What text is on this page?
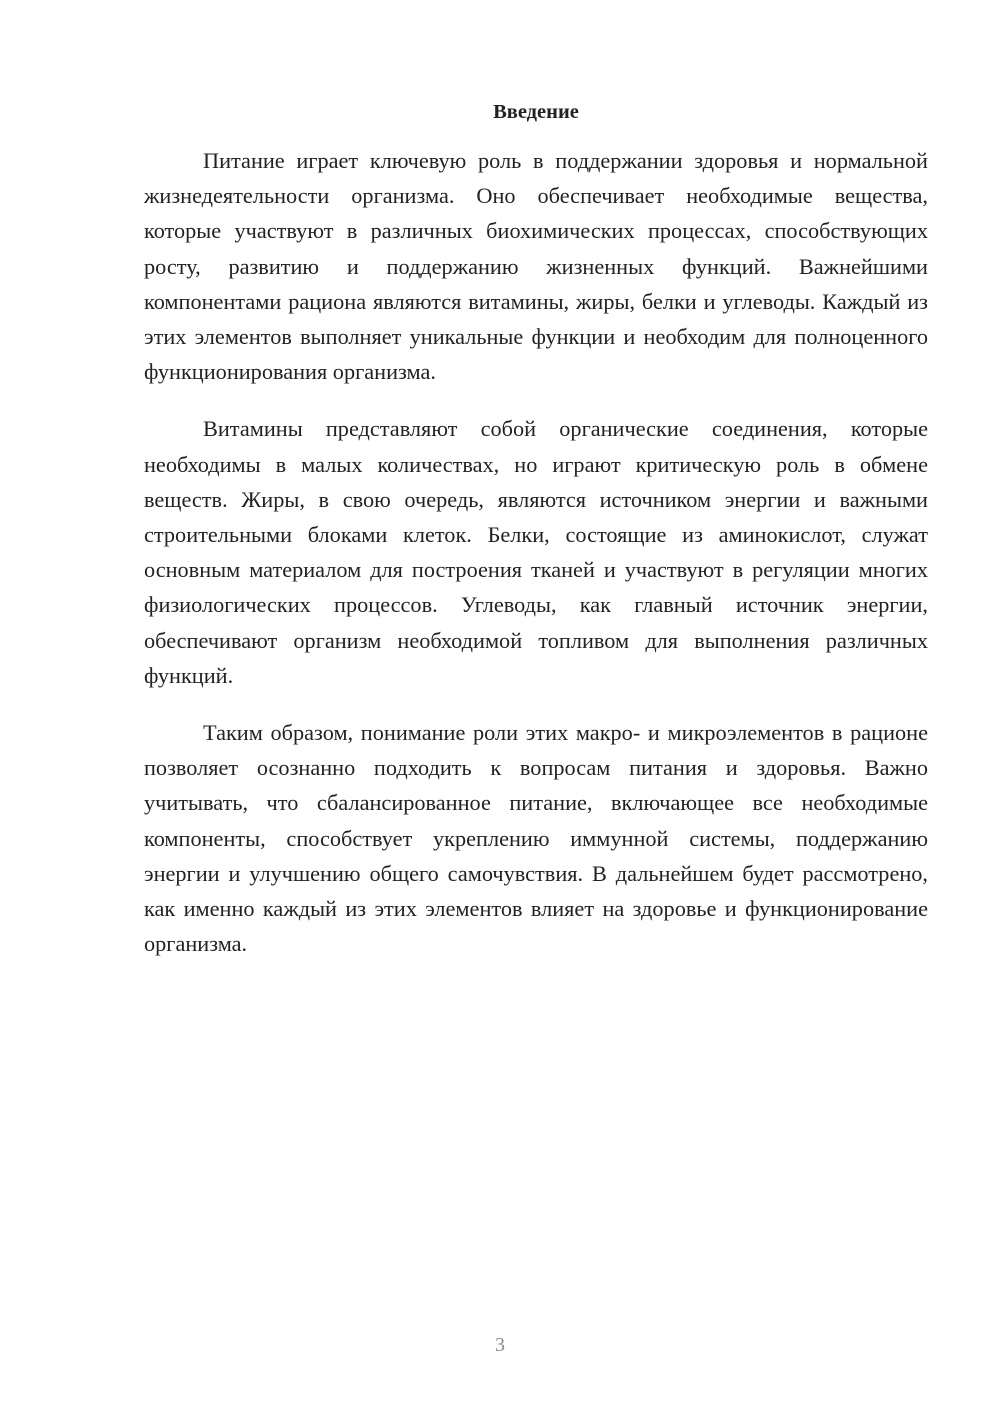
Введение

Питание играет ключевую роль в поддержании здоровья и нормальной жизнедеятельности организма. Оно обеспечивает необходимые вещества, которые участвуют в различных биохимических процессах, способствующих росту, развитию и поддержанию жизненных функций. Важнейшими компонентами рациона являются витамины, жиры, белки и углеводы. Каждый из этих элементов выполняет уникальные функции и необходим для полноценного функционирования организма.

Витамины представляют собой органические соединения, которые необходимы в малых количествах, но играют критическую роль в обмене веществ. Жиры, в свою очередь, являются источником энергии и важными строительными блоками клеток. Белки, состоящие из аминокислот, служат основным материалом для построения тканей и участвуют в регуляции многих физиологических процессов. Углеводы, как главный источник энергии, обеспечивают организм необходимой топливом для выполнения различных функций.

Таким образом, понимание роли этих макро- и микроэлементов в рационе позволяет осознанно подходить к вопросам питания и здоровья. Важно учитывать, что сбалансированное питание, включающее все необходимые компоненты, способствует укреплению иммунной системы, поддержанию энергии и улучшению общего самочувствия. В дальнейшем будет рассмотрено, как именно каждый из этих элементов влияет на здоровье и функционирование организма.

3
